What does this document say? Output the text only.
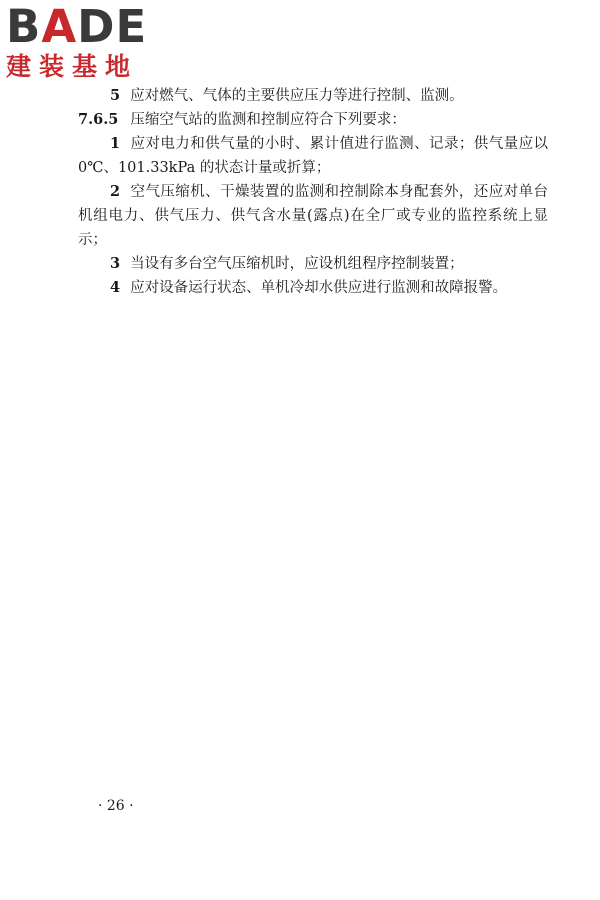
BADE
建装基地

5 应对燃气、气体的主要供应压力等进行控制、监测。

7.6.5 压缩空气站的监测和控制应符合下列要求：

1 应对电力和供气量的小时、累计值进行监测、记录；供气量应以 0℃、101.33kPa 的状态计量或折算；

2 空气压缩机、干燥装置的监测和控制除本身配套外，还应对单台机组电力、供气压力、供气含水量(露点)在全厂或专业的监控系统上显示；

3 当设有多台空气压缩机时，应设机组程序控制装置；

4 应对设备运行状态、单机冷却水供应进行监测和故障报警。

· 26 ·
